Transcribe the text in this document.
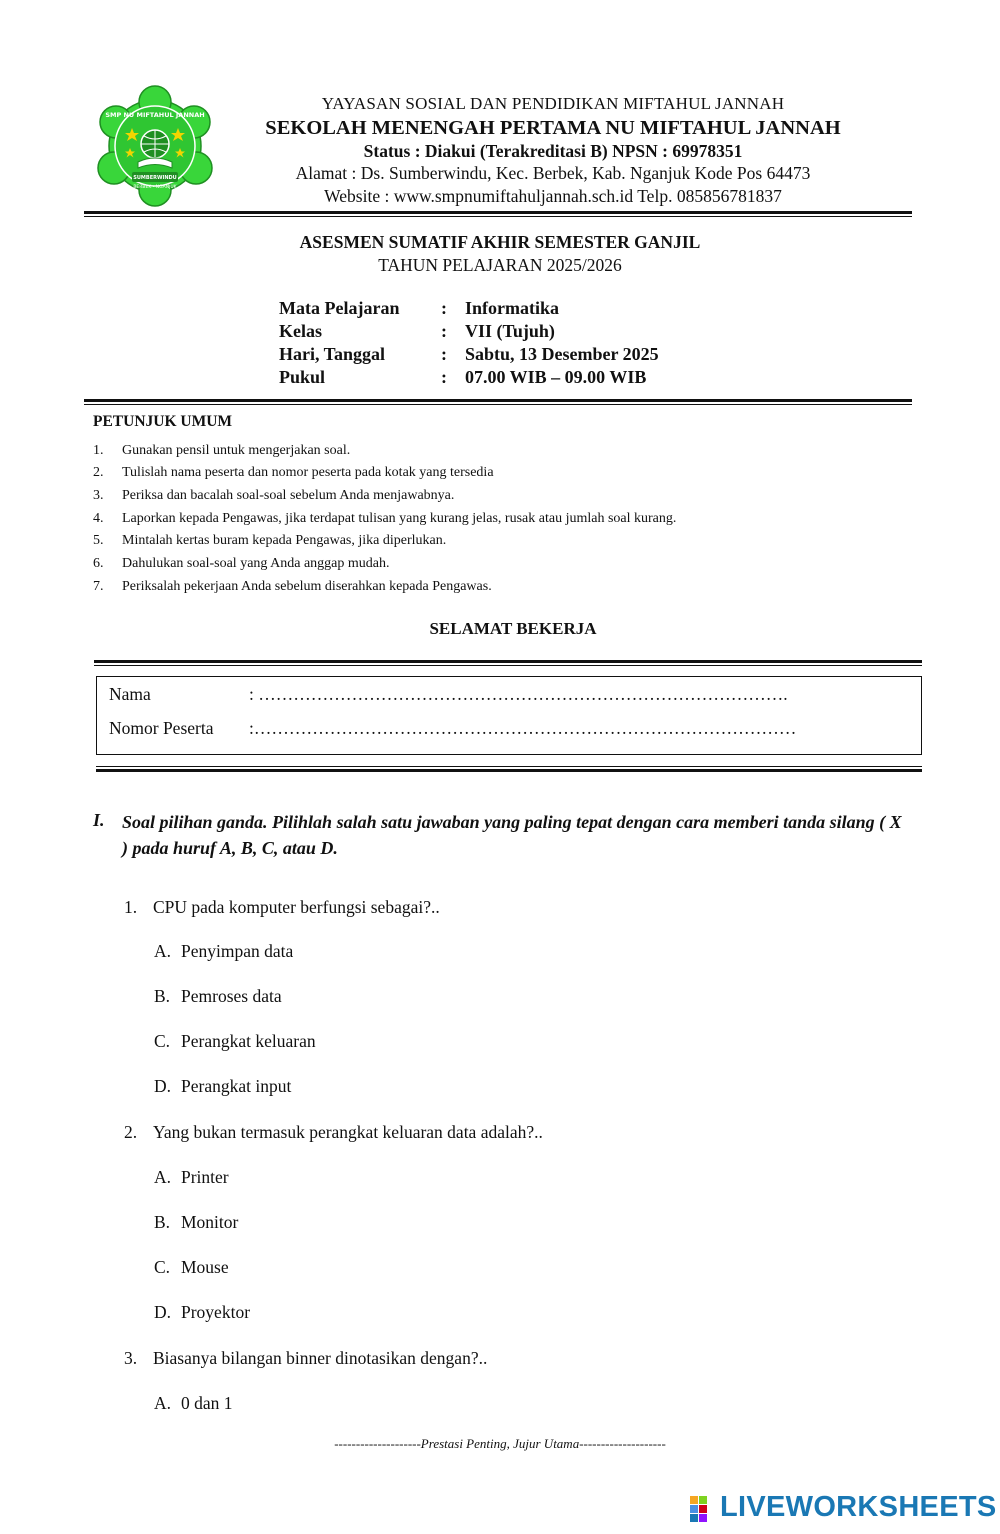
SUMBERWINDU
SMP NU MIFTAHUL JANNAH
BERBEK - NGANJUK
YAYASAN SOSIAL DAN PENDIDIKAN MIFTAHUL JANNAH
SEKOLAH MENENGAH PERTAMA NU MIFTAHUL JANNAH
Status : Diakui (Terakreditasi B) NPSN : 69978351
Alamat : Ds. Sumberwindu, Kec. Berbek, Kab. Nganjuk Kode Pos 64473
Website : www.smpnumiftahuljannah.sch.id Telp. 085856781837
ASESMEN SUMATIF AKHIR SEMESTER GANJIL
TAHUN PELAJARAN 2025/2026
Mata Pelajaran : Informatika
Kelas	: VII (Tujuh)
Hari, Tanggal	: Sabtu, 13 Desember 2025
Pukul	: 07.00 WIB – 09.00 WIB
PETUNJUK UMUM
1. Gunakan pensil untuk mengerjakan soal.
2. Tulislah nama peserta dan nomor peserta pada kotak yang tersedia
3. Periksa dan bacalah soal-soal sebelum Anda menjawabnya.
4. Laporkan kepada Pengawas, jika terdapat tulisan yang kurang jelas, rusak atau jumlah soal kurang.
5. Mintalah kertas buram kepada Pengawas, jika diperlukan.
6. Dahulukan soal-soal yang Anda anggap mudah.
7. Periksalah pekerjaan Anda sebelum diserahkan kepada Pengawas.
SELAMAT BEKERJA
Nama	: ……………………………………………………………………………….
Nomor Peserta :…………………………………………………………………………………
I. Soal pilihan ganda. Pilihlah salah satu jawaban yang paling tepat dengan cara memberi tanda silang ( X ) pada huruf A, B, C, atau D.
1. CPU pada komputer berfungsi sebagai?..
A. Penyimpan data
B. Pemroses data
C. Perangkat keluaran
D. Perangkat input
2. Yang bukan termasuk perangkat keluaran data adalah?..
A. Printer
B. Monitor
C. Mouse
D. Proyektor
3. Biasanya bilangan binner dinotasikan dengan?..
A. 0 dan 1
--------------------Prestasi Penting, Jujur Utama--------------------
LIVEWORKSHEETS
